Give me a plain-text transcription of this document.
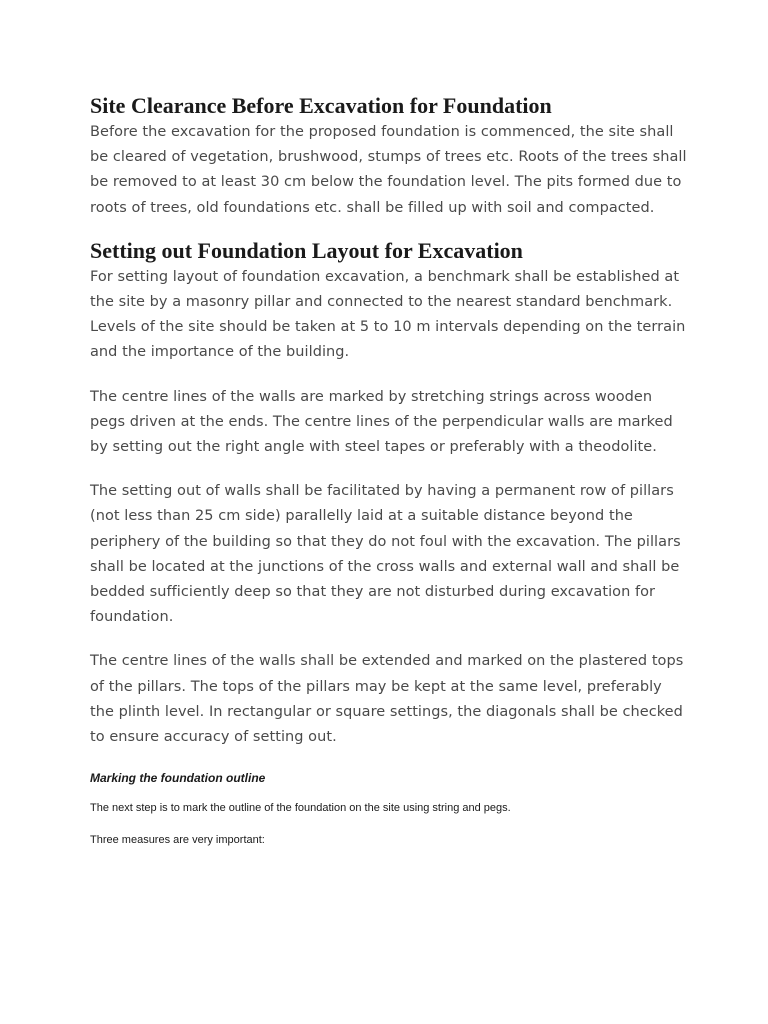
Site Clearance Before Excavation for Foundation

Before the excavation for the proposed foundation is commenced, the site shall be cleared of vegetation, brushwood, stumps of trees etc. Roots of the trees shall be removed to at least 30 cm below the foundation level. The pits formed due to roots of trees, old foundations etc. shall be filled up with soil and compacted.

Setting out Foundation Layout for Excavation

For setting layout of foundation excavation, a benchmark shall be established at the site by a masonry pillar and connected to the nearest standard benchmark. Levels of the site should be taken at 5 to 10 m intervals depending on the terrain and the importance of the building.

The centre lines of the walls are marked by stretching strings across wooden pegs driven at the ends. The centre lines of the perpendicular walls are marked by setting out the right angle with steel tapes or preferably with a theodolite.

The setting out of walls shall be facilitated by having a permanent row of pillars (not less than 25 cm side) parallelly laid at a suitable distance beyond the periphery of the building so that they do not foul with the excavation. The pillars shall be located at the junctions of the cross walls and external wall and shall be bedded sufficiently deep so that they are not disturbed during excavation for foundation.

The centre lines of the walls shall be extended and marked on the plastered tops of the pillars. The tops of the pillars may be kept at the same level, preferably the plinth level. In rectangular or square settings, the diagonals shall be checked to ensure accuracy of setting out.

Marking the foundation outline

The next step is to mark the outline of the foundation on the site using string and pegs.

Three measures are very important:
